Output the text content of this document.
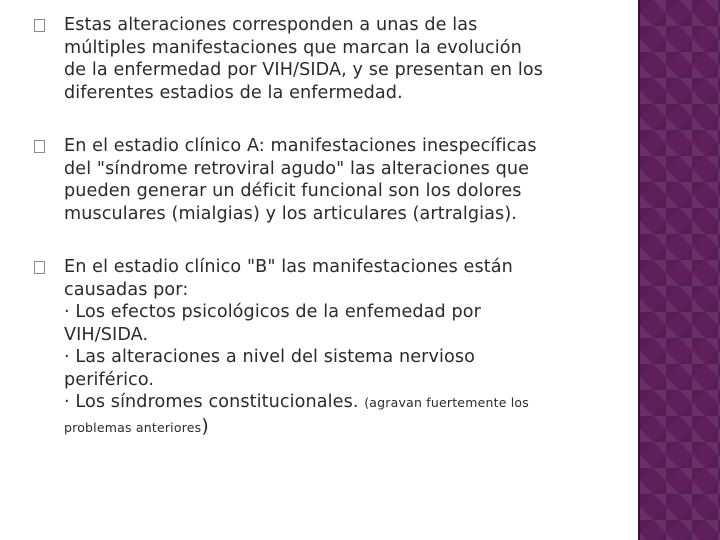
Estas alteraciones corresponden a unas de las
múltiples manifestaciones que marcan la evolución
de la enfermedad por VIH/SIDA, y se presentan en los
diferentes estadios de la enfermedad.
En el estadio clínico A: manifestaciones inespecíficas
del "síndrome retroviral agudo" las alteraciones que
pueden generar un déficit funcional son los dolores
musculares (mialgias) y los articulares (artralgias).
En el estadio clínico "B" las manifestaciones están
causadas por:
· Los efectos psicológicos de la enfemedad por
VIH/SIDA.
· Las alteraciones a nivel del sistema nervioso
periférico.
· Los síndromes constitucionales. (agravan fuertemente los
problemas anteriores)
